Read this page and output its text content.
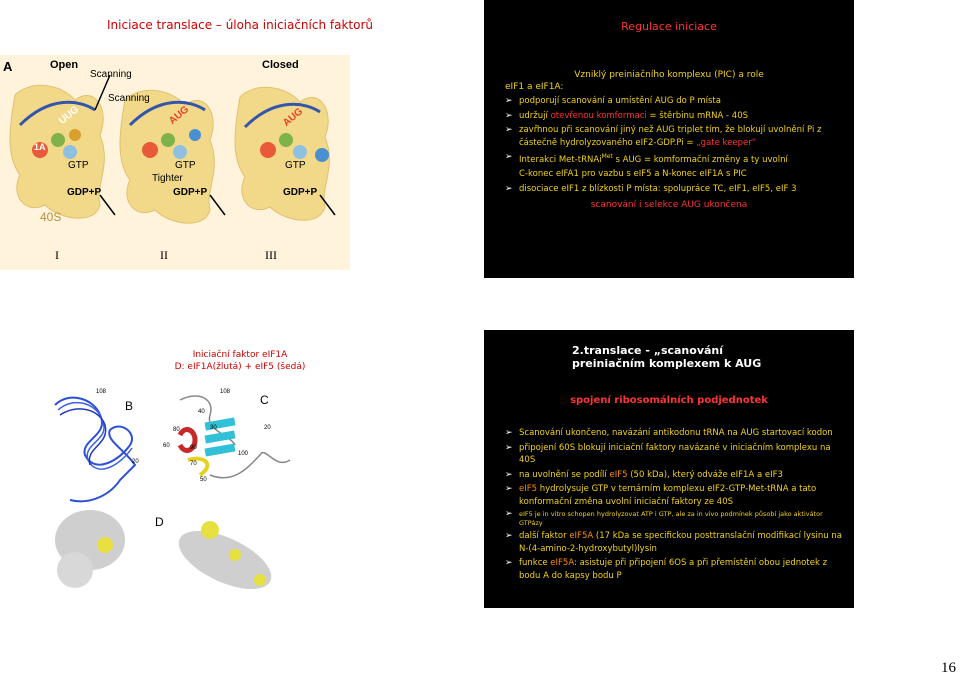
Iniciace translace – úloha iniciačních faktorů
A	Open	Closed
Scanning
Scanning
UUG	AUG	AUG
1A
GTP	GTP	GTP
Tighter
GDP+P	GDP+P	GDP+P
40S
I	II	III
Regulace iniciace
Vzniklý preiniačního komplexu (PIC) a role
eIF1 a eIF1A:
➢ podporují scanování a umístění AUG do P místa
➢ udržují otevřenou komformaci = štěrbinu mRNA - 40S
➢ zavřhnou při scanování jiný než AUG triplet tím, že blokují uvolnění Pi z částečně hydrolyzovaného eIF2-GDP.Pi = „gate keeper“
➢ Interakci Met-tRNAi$^{Met}$ s AUG = komformační změny a ty uvolní
C-konec eIFA1 pro vazbu s eIF5 a N-konec eIF1A s PIC
➢ disociace eIF1 z blízkosti P místa: spolupráce TC, eIF1, eIF5, eIF 3
scanování i selekce AUG ukončena
Iniciační faktor eIF1A
D: eIF1A(žlutá) + eIF5 (šedá)
B	C
D
108	108
40
30	20
80
60	90
70
100
50
20
2.translace - „scanování preiniačním komplexem k AUG
spojení ribosomálních podjednotek
➢ Scanování ukončeno, navázání antikodonu tRNA na AUG startovací kodon
➢ připojení 60S blokují iniciační faktory navázané v iniciačním komplexu na 40S
➢ na uvolnění se podílí eIF5 (50 kDa), který odváže eIF1A a eIF3
➢ eIF5 hydrolysuje GTP v ternárním komplexu eIF2-GTP-Met-tRNA a tato konformační změna uvolní iniciační faktory ze 40S
➢ eIF5 je in vitro schopen hydrolyzovat ATP i GTP, ale za in vivo podmínek působí jako aktivátor GTPázy
➢ další faktor eIF5A (17 kDa se specifickou posttranslační modifikací lysinu na N-(4-amino-2-hydroxybutyl)lysin
➢ funkce eIF5A: asistuje při připojení 6OS a při přemístění obou jednotek z bodu A do kapsy bodu P
16
